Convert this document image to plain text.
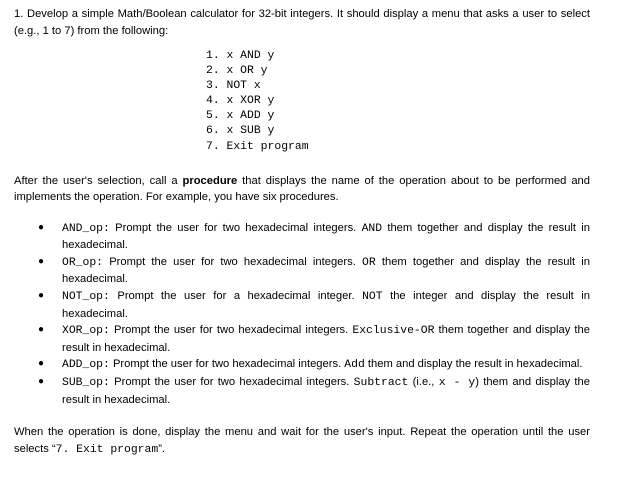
1. Develop a simple Math/Boolean calculator for 32-bit integers. It should display a menu that asks a user to select (e.g., 1 to 7) from the following:

1. x AND y
2. x OR y
3. NOT x
4. x XOR y
5. x ADD y
6. x SUB y
7. Exit program

After the user's selection, call a procedure that displays the name of the operation about to be performed and implements the operation. For example, you have six procedures.

● AND_op: Prompt the user for two hexadecimal integers. AND them together and display the result in hexadecimal.
● OR_op: Prompt the user for two hexadecimal integers. OR them together and display the result in hexadecimal.
● NOT_op: Prompt the user for a hexadecimal integer. NOT the integer and display the result in hexadecimal.
● XOR_op: Prompt the user for two hexadecimal integers. Exclusive-OR them together and display the result in hexadecimal.
● ADD_op: Prompt the user for two hexadecimal integers. Add them and display the result in hexadecimal.
● SUB_op: Prompt the user for two hexadecimal integers. Subtract (i.e., x - y) them and display the result in hexadecimal.

When the operation is done, display the menu and wait for the user's input. Repeat the operation until the user selects “7. Exit program”.
